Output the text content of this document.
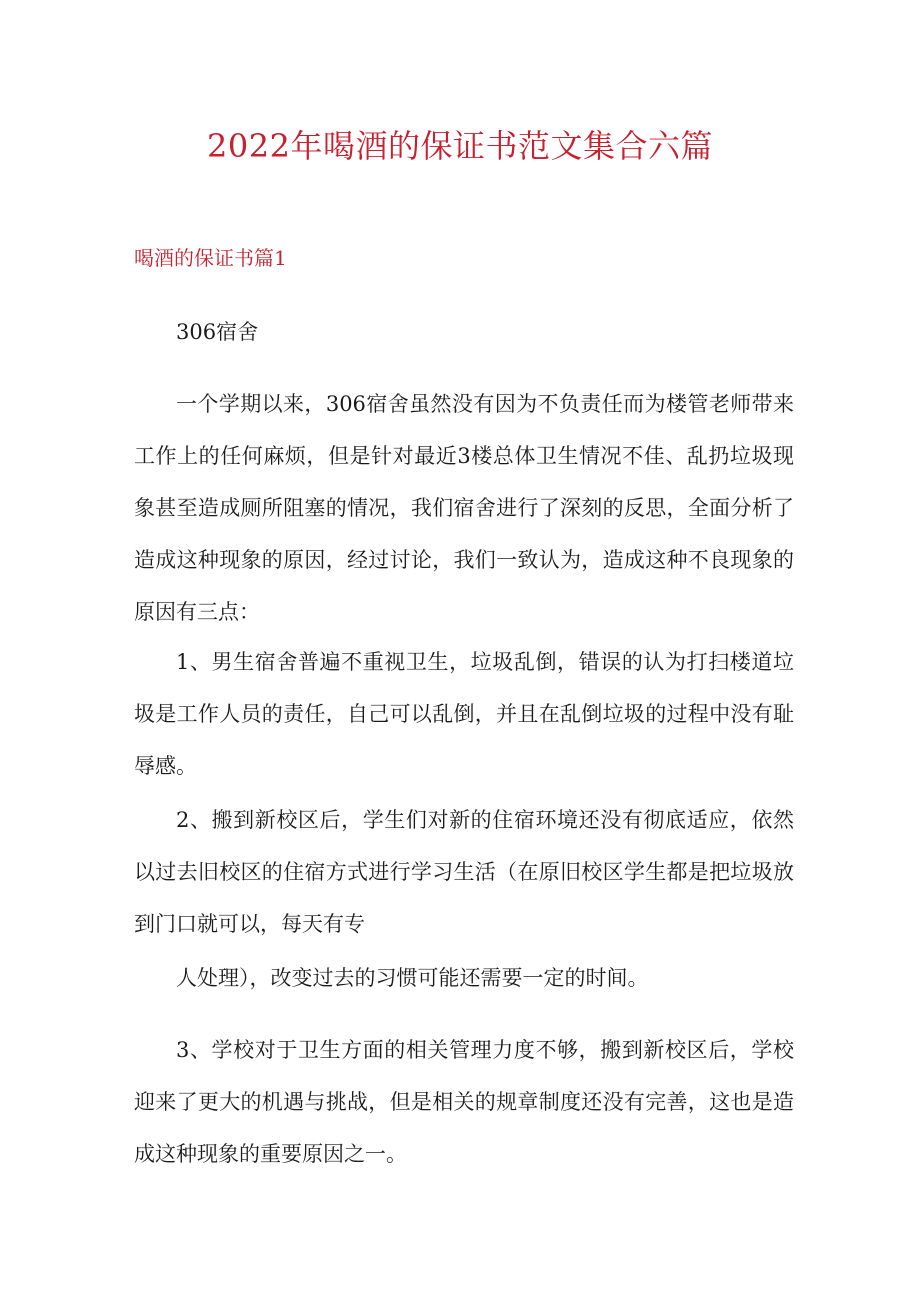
2022年喝酒的保证书范文集合六篇
喝酒的保证书篇1

306宿舍

一个学期以来，306宿舍虽然没有因为不负责任而为楼管老师带来工作上的任何麻烦，但是针对最近3楼总体卫生情况不佳、乱扔垃圾现象甚至造成厕所阻塞的情况，我们宿舍进行了深刻的反思，全面分析了造成这种现象的原因，经过讨论，我们一致认为，造成这种不良现象的原因有三点：

1、男生宿舍普遍不重视卫生，垃圾乱倒，错误的认为打扫楼道垃圾是工作人员的责任，自己可以乱倒，并且在乱倒垃圾的过程中没有耻辱感。

2、搬到新校区后，学生们对新的住宿环境还没有彻底适应，依然以过去旧校区的住宿方式进行学习生活（在原旧校区学生都是把垃圾放到门口就可以，每天有专

人处理），改变过去的习惯可能还需要一定的时间。

3、学校对于卫生方面的相关管理力度不够，搬到新校区后，学校迎来了更大的机遇与挑战，但是相关的规章制度还没有完善，这也是造成这种现象的重要原因之一。
